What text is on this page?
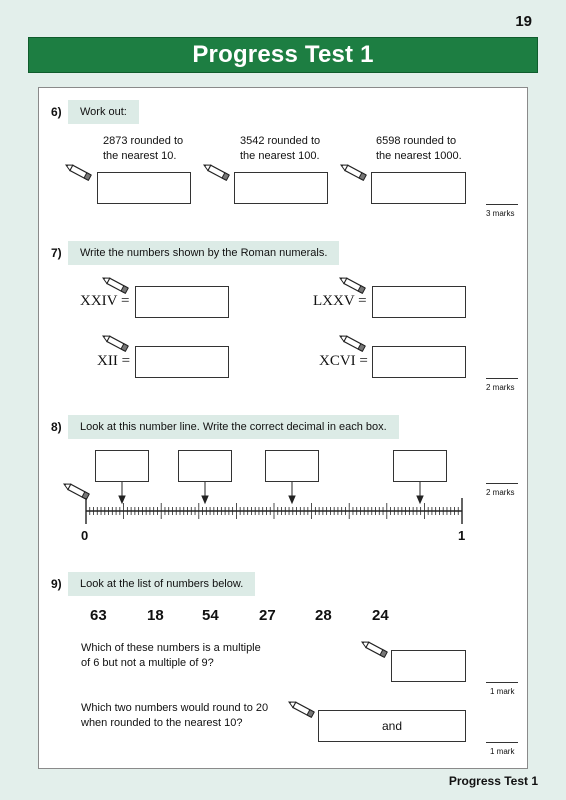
19
Progress Test 1
6)	Work out:
2873 rounded to
the nearest 10.
3542 rounded to
the nearest 100.
6598 rounded to
the nearest 1000.
3 marks
7)	Write the numbers shown by the Roman numerals.
XXIV =	LXXV =
XII =	XCVI =
2 marks
8)	Look at this number line. Write the correct decimal in each box.
0	1
2 marks
9)	Look at the list of numbers below.
63	18	54	27	28	24
Which of these numbers is a multiple
of 6 but not a multiple of 9?
1 mark
Which two numbers would round to 20
when rounded to the nearest 10?	and
1 mark
Progress Test 1
